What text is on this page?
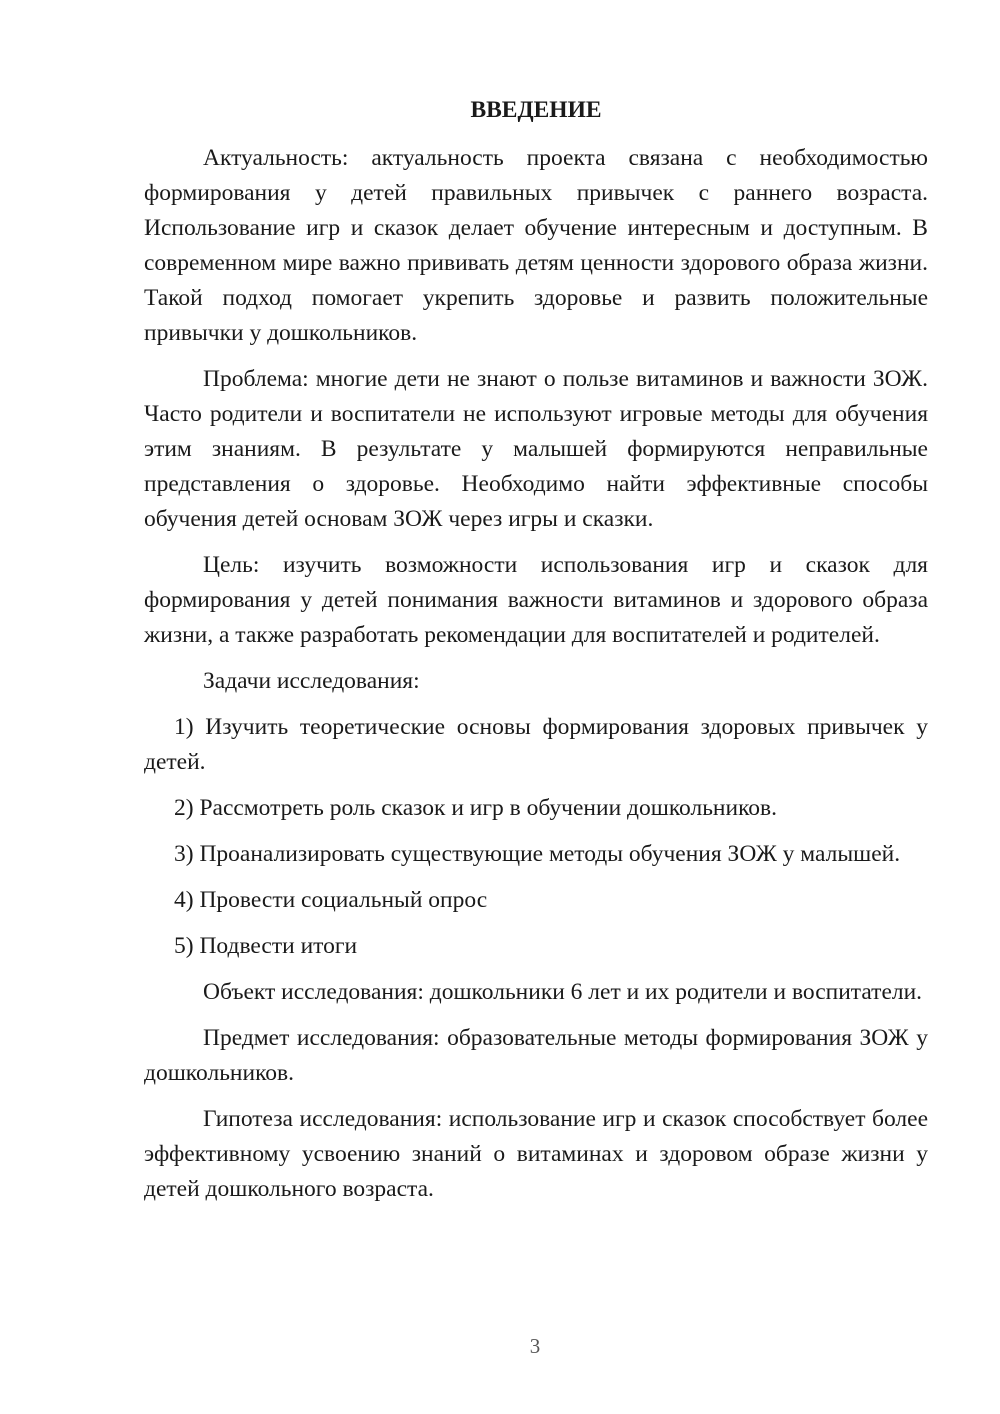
ВВЕДЕНИЕ

Актуальность: актуальность проекта связана с необходимостью формирования у детей правильных привычек с раннего возраста. Использование игр и сказок делает обучение интересным и доступным. В современном мире важно прививать детям ценности здорового образа жизни. Такой подход помогает укрепить здоровье и развить положительные привычки у дошкольников.

Проблема: многие дети не знают о пользе витаминов и важности ЗОЖ. Часто родители и воспитатели не используют игровые методы для обучения этим знаниям. В результате у малышей формируются неправильные представления о здоровье. Необходимо найти эффективные способы обучения детей основам ЗОЖ через игры и сказки.

Цель: изучить возможности использования игр и сказок для формирования у детей понимания важности витаминов и здорового образа жизни, а также разработать рекомендации для воспитателей и родителей.

Задачи исследования:

1) Изучить теоретические основы формирования здоровых привычек у детей.

2) Рассмотреть роль сказок и игр в обучении дошкольников.

3) Проанализировать существующие методы обучения ЗОЖ у малышей.

4) Провести социальный опрос

5) Подвести итоги

Объект исследования: дошкольники 6 лет и их родители и воспитатели.

Предмет исследования: образовательные методы формирования ЗОЖ у дошкольников.

Гипотеза исследования: использование игр и сказок способствует более эффективному усвоению знаний о витаминах и здоровом образе жизни у детей дошкольного возраста.

3
